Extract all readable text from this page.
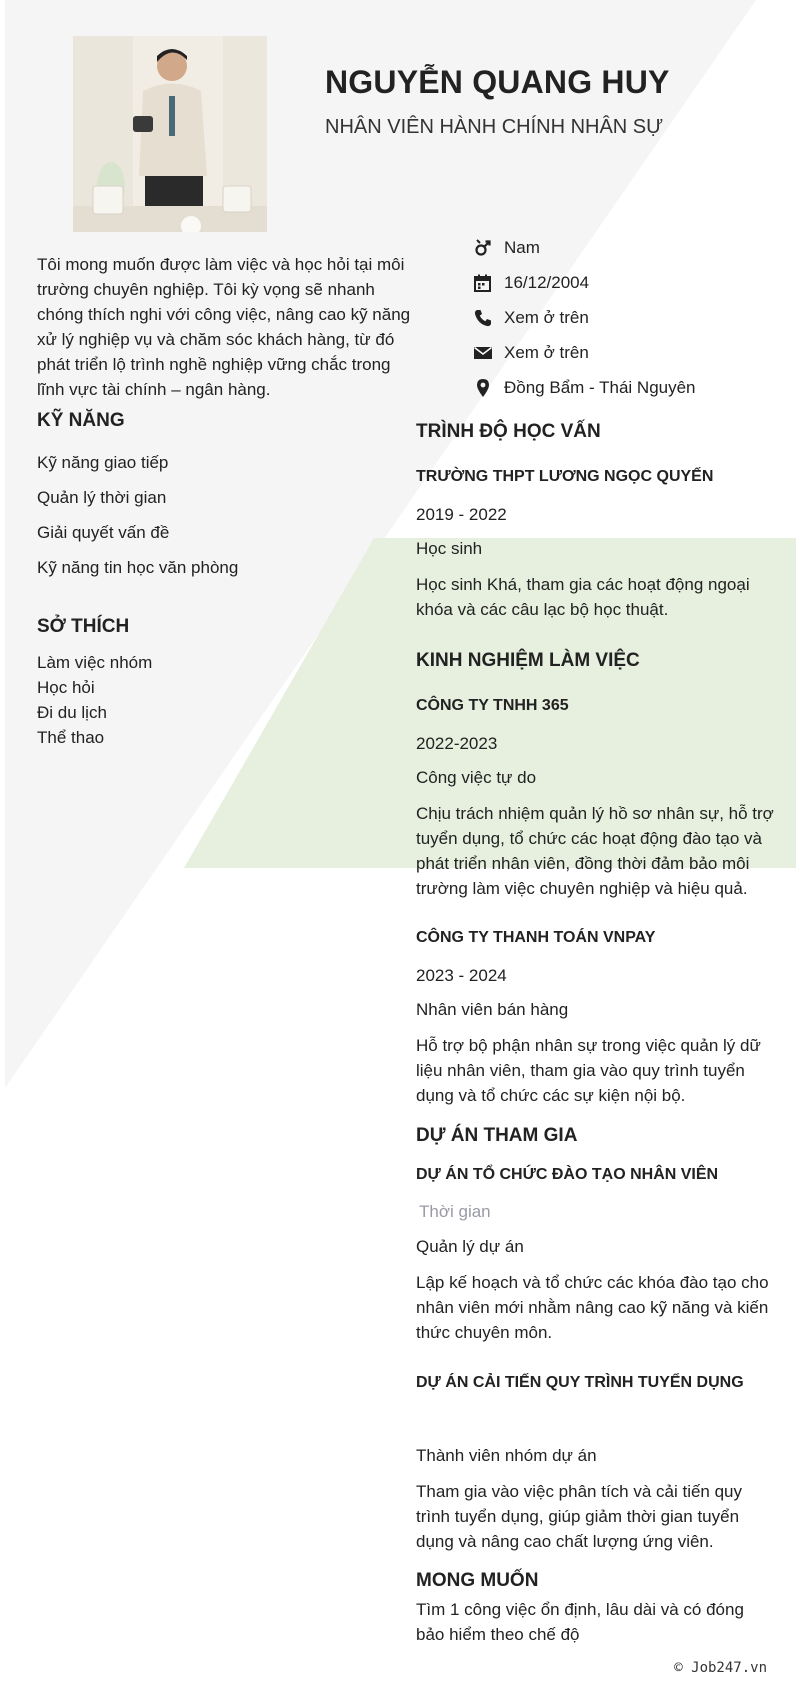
NGUYỄN QUANG HUY
NHÂN VIÊN HÀNH CHÍNH NHÂN SỰ
Tôi mong muốn được làm việc và học hỏi tại môi trường chuyên nghiệp. Tôi kỳ vọng sẽ nhanh chóng thích nghi với công việc, nâng cao kỹ năng xử lý nghiệp vụ và chăm sóc khách hàng, từ đó phát triển lộ trình nghề nghiệp vững chắc trong lĩnh vực tài chính – ngân hàng.
Nam
16/12/2004
Xem ở trên
Xem ở trên
Đồng Bẩm - Thái Nguyên
KỸ NĂNG
Kỹ năng giao tiếp
Quản lý thời gian
Giải quyết vấn đề
Kỹ năng tin học văn phòng
SỞ THÍCH
Làm việc nhóm
Học hỏi
Đi du lịch
Thể thao
TRÌNH ĐỘ HỌC VẤN
TRƯỜNG THPT LƯƠNG NGỌC QUYẾN
2019 - 2022
Học sinh
Học sinh Khá, tham gia các hoạt động ngoại khóa và các câu lạc bộ học thuật.
KINH NGHIỆM LÀM VIỆC
CÔNG TY TNHH 365
2022-2023
Công việc tự do
Chịu trách nhiệm quản lý hồ sơ nhân sự, hỗ trợ tuyển dụng, tổ chức các hoạt động đào tạo và phát triển nhân viên, đồng thời đảm bảo môi trường làm việc chuyên nghiệp và hiệu quả.
CÔNG TY THANH TOÁN VNPAY
2023 - 2024
Nhân viên bán hàng
Hỗ trợ bộ phận nhân sự trong việc quản lý dữ liệu nhân viên, tham gia vào quy trình tuyển dụng và tổ chức các sự kiện nội bộ.
DỰ ÁN THAM GIA
DỰ ÁN TỔ CHỨC ĐÀO TẠO NHÂN VIÊN
Thời gian
Quản lý dự án
Lập kế hoạch và tổ chức các khóa đào tạo cho nhân viên mới nhằm nâng cao kỹ năng và kiến thức chuyên môn.
DỰ ÁN CẢI TIẾN QUY TRÌNH TUYỂN DỤNG
Thành viên nhóm dự án
Tham gia vào việc phân tích và cải tiến quy trình tuyển dụng, giúp giảm thời gian tuyển dụng và nâng cao chất lượng ứng viên.
MONG MUỐN
Tìm 1 công việc ổn định, lâu dài và có đóng bảo hiểm theo chế độ
© Job247.vn
